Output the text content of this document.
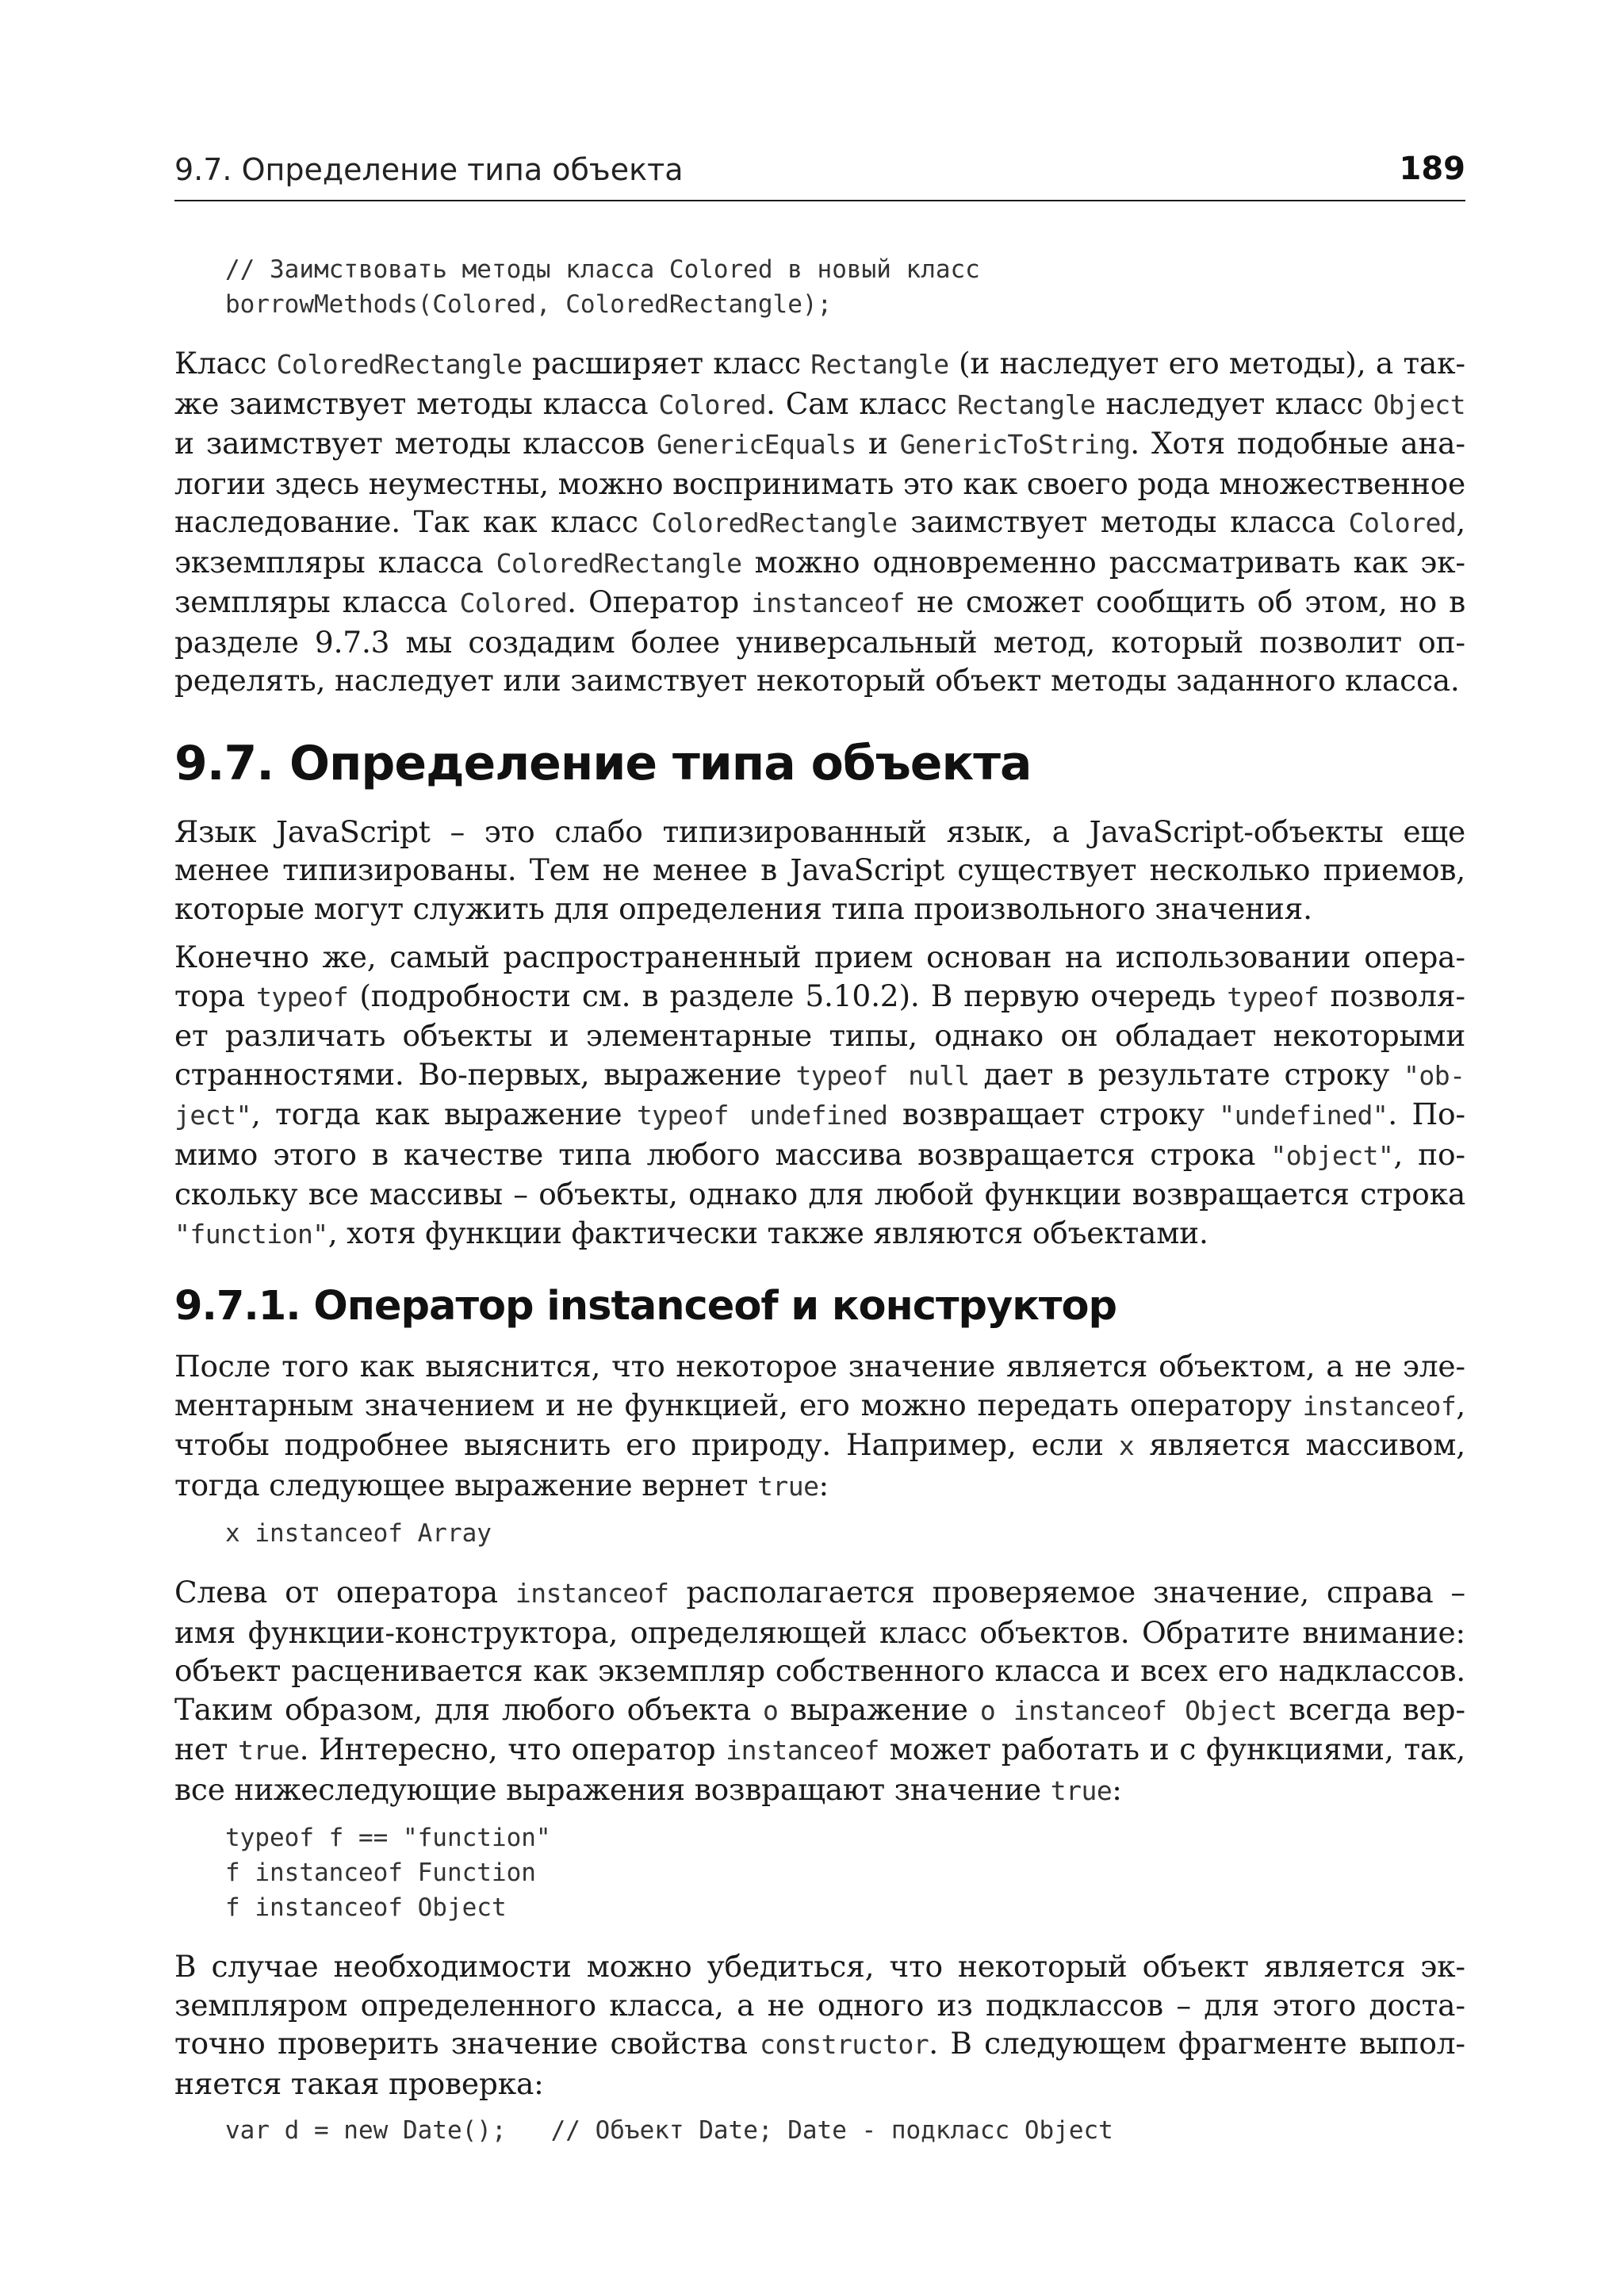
9.7. Определение типа объекта	189
// Заимствовать методы класса Colored в новый класс
borrowMethods(Colored, ColoredRectangle);

Класс ColoredRectangle расширяет класс Rectangle (и наследует его методы), а также заимствует методы класса Colored. Сам класс Rectangle наследует класс Object и заимствует методы классов GenericEquals и GenericToString. Хотя подобные аналогии здесь неуместны, можно воспринимать это как своего рода множественное наследование. Так как класс ColoredRectangle заимствует методы класса Colored, экземпляры класса ColoredRectangle можно одновременно рассматривать как экземпляры класса Colored. Оператор instanceof не сможет сообщить об этом, но в разделе 9.7.3 мы создадим более универсальный метод, который позволит определять, наследует или заимствует некоторый объект методы заданного класса.

9.7. Определение типа объекта

Язык JavaScript – это слабо типизированный язык, а JavaScript-объекты еще менее типизированы. Тем не менее в JavaScript существует несколько приемов, которые могут служить для определения типа произвольного значения.

Конечно же, самый распространенный прием основан на использовании оператора typeof (подробности см. в разделе 5.10.2). В первую очередь typeof позволяет различать объекты и элементарные типы, однако он обладает некоторыми странностями. Во-первых, выражение typeof null дает в результате строку "object", тогда как выражение typeof undefined возвращает строку "undefined". Помимо этого в качестве типа любого массива возвращается строка "object", поскольку все массивы – объекты, однако для любой функции возвращается строка "function", хотя функции фактически также являются объектами.

9.7.1. Оператор instanceof и конструктор

После того как выяснится, что некоторое значение является объектом, а не элементарным значением и не функцией, его можно передать оператору instanceof, чтобы подробнее выяснить его природу. Например, если x является массивом, тогда следующее выражение вернет true:

x instanceof Array

Слева от оператора instanceof располагается проверяемое значение, справа – имя функции-конструктора, определяющей класс объектов. Обратите внимание: объект расценивается как экземпляр собственного класса и всех его надклассов. Таким образом, для любого объекта o выражение o instanceof Object всегда вернет true. Интересно, что оператор instanceof может работать и с функциями, так, все нижеследующие выражения возвращают значение true:

typeof f == "function"
f instanceof Function
f instanceof Object

В случае необходимости можно убедиться, что некоторый объект является экземпляром определенного класса, а не одного из подклассов – для этого достаточно проверить значение свойства constructor. В следующем фрагменте выполняется такая проверка:

var d = new Date();   // Объект Date; Date - подкласс Object
